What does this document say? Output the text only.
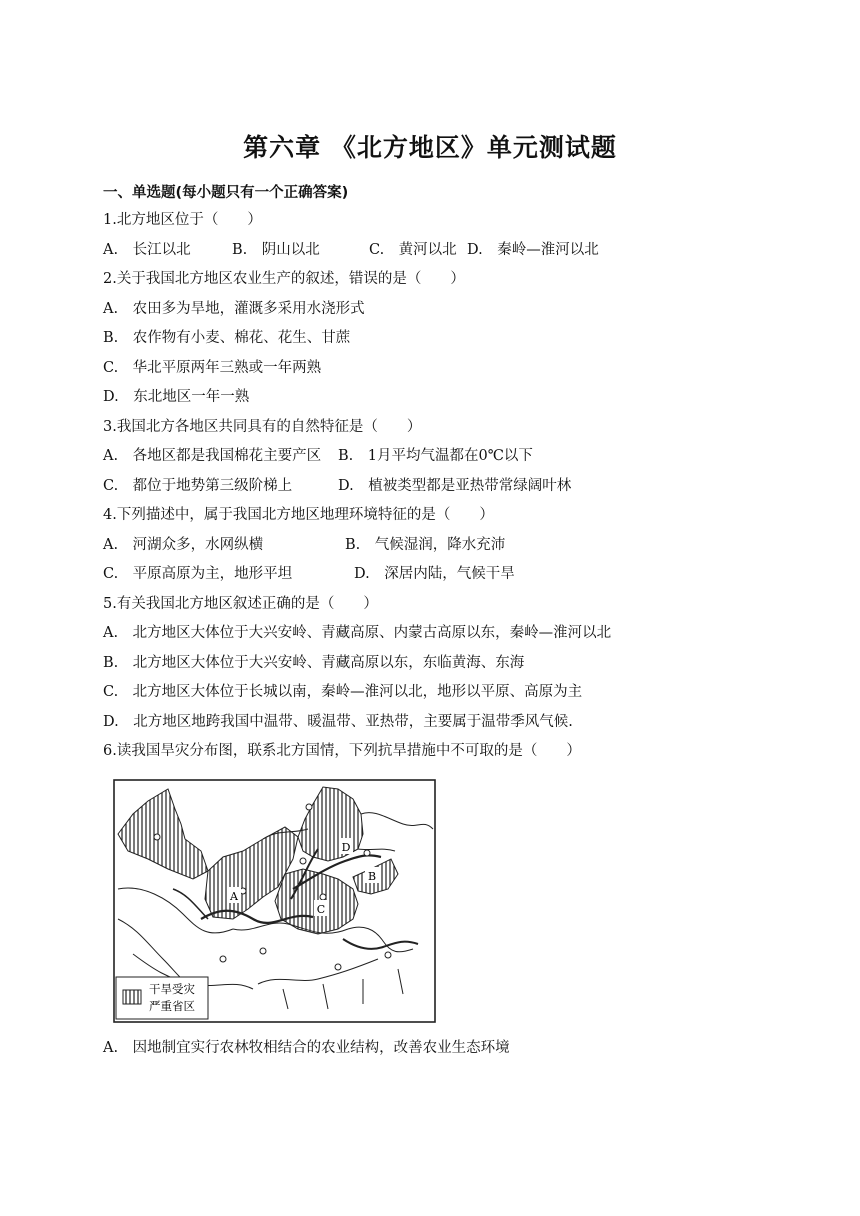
第六章 《北方地区》单元测试题
一、单选题(每小题只有一个正确答案)
1.北方地区位于（　　）
A.　长江以北	B.　阴山以北	C.　黄河以北 D.　秦岭—淮河以北
2.关于我国北方地区农业生产的叙述，错误的是（　　）
A.　农田多为旱地，灌溉多采用水浇形式
B.　农作物有小麦、棉花、花生、甘蔗
C.　华北平原两年三熟或一年两熟
D.　东北地区一年一熟
3.我国北方各地区共同具有的自然特征是（　　）
A.　各地区都是我国棉花主要产区 B.　1月平均气温都在0℃以下
C.　都位于地势第三级阶梯上	D.　植被类型都是亚热带常绿阔叶林
4.下列描述中，属于我国北方地区地理环境特征的是（　　）
A.　河湖众多，水网纵横	B.　气候湿润，降水充沛
C.　平原高原为主，地形平坦	D.　深居内陆，气候干旱
5.有关我国北方地区叙述正确的是（　　）
A.　北方地区大体位于大兴安岭、青藏高原、内蒙古高原以东，秦岭—淮河以北
B.　北方地区大体位于大兴安岭、青藏高原以东，东临黄海、东海
C.　北方地区大体位于长城以南，秦岭—淮河以北，地形以平原、高原为主
D.　北方地区地跨我国中温带、暖温带、亚热带，主要属于温带季风气候.
6.读我国旱灾分布图，联系北方国情，下列抗旱措施中不可取的是（　　）
A
B
C
D
干旱受灾
严重省区
A.　因地制宜实行农林牧相结合的农业结构，改善农业生态环境
